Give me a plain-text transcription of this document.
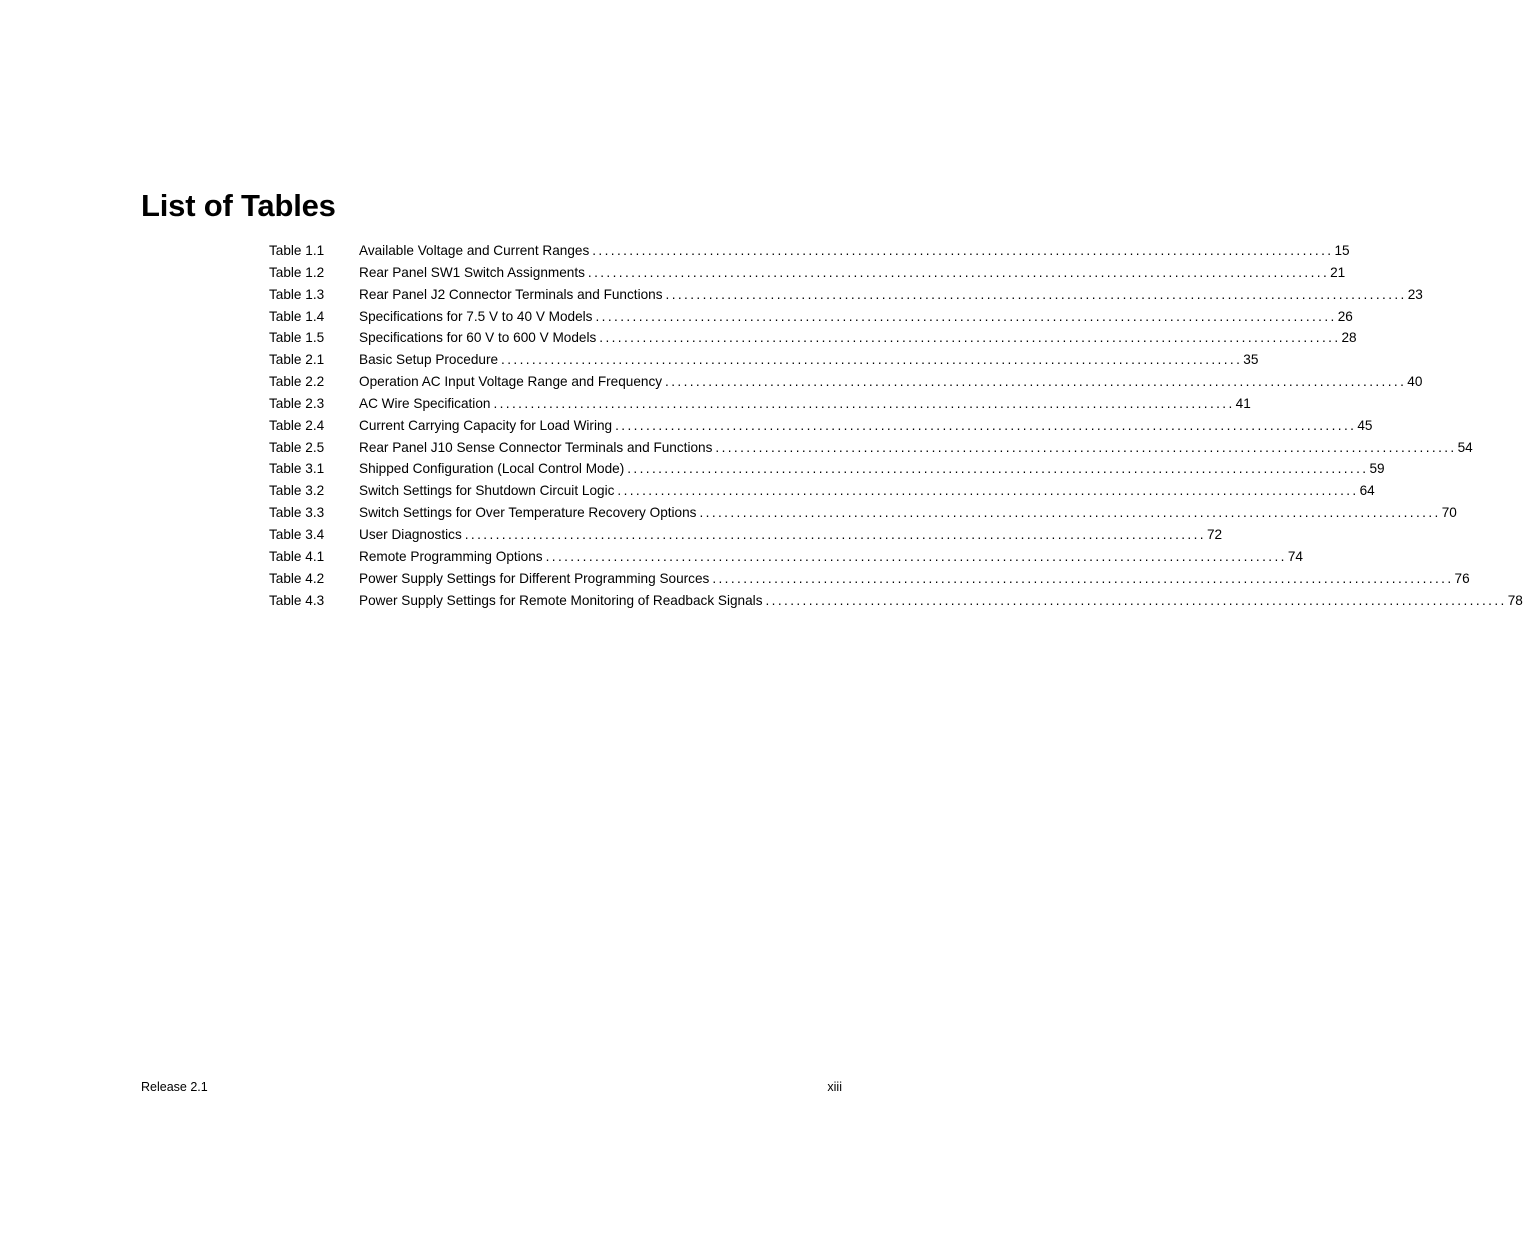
List of Tables
Table 1.1	Available Voltage and Current Ranges ........................................................................................................................ 15
Table 1.2	Rear Panel SW1 Switch Assignments ........................................................................................................................ 21
Table 1.3	Rear Panel J2 Connector Terminals and Functions ........................................................................................................................ 23
Table 1.4	Specifications for 7.5 V to 40 V Models ........................................................................................................................ 26
Table 1.5	Specifications for 60 V to 600 V Models ........................................................................................................................ 28
Table 2.1	Basic Setup Procedure ........................................................................................................................ 35
Table 2.2	Operation AC Input Voltage Range and Frequency ........................................................................................................................ 40
Table 2.3	AC Wire Specification ........................................................................................................................ 41
Table 2.4	Current Carrying Capacity for Load Wiring ........................................................................................................................ 45
Table 2.5	Rear Panel J10 Sense Connector Terminals and Functions ........................................................................................................................ 54
Table 3.1	Shipped Configuration (Local Control Mode) ........................................................................................................................ 59
Table 3.2	Switch Settings for Shutdown Circuit Logic ........................................................................................................................ 64
Table 3.3	Switch Settings for Over Temperature Recovery Options ........................................................................................................................ 70
Table 3.4	User Diagnostics ........................................................................................................................ 72
Table 4.1	Remote Programming Options ........................................................................................................................ 74
Table 4.2	Power Supply Settings for Different Programming Sources ........................................................................................................................ 76
Table 4.3	Power Supply Settings for Remote Monitoring of Readback Signals ........................................................................................................................ 78
Release 2.1	xiii
